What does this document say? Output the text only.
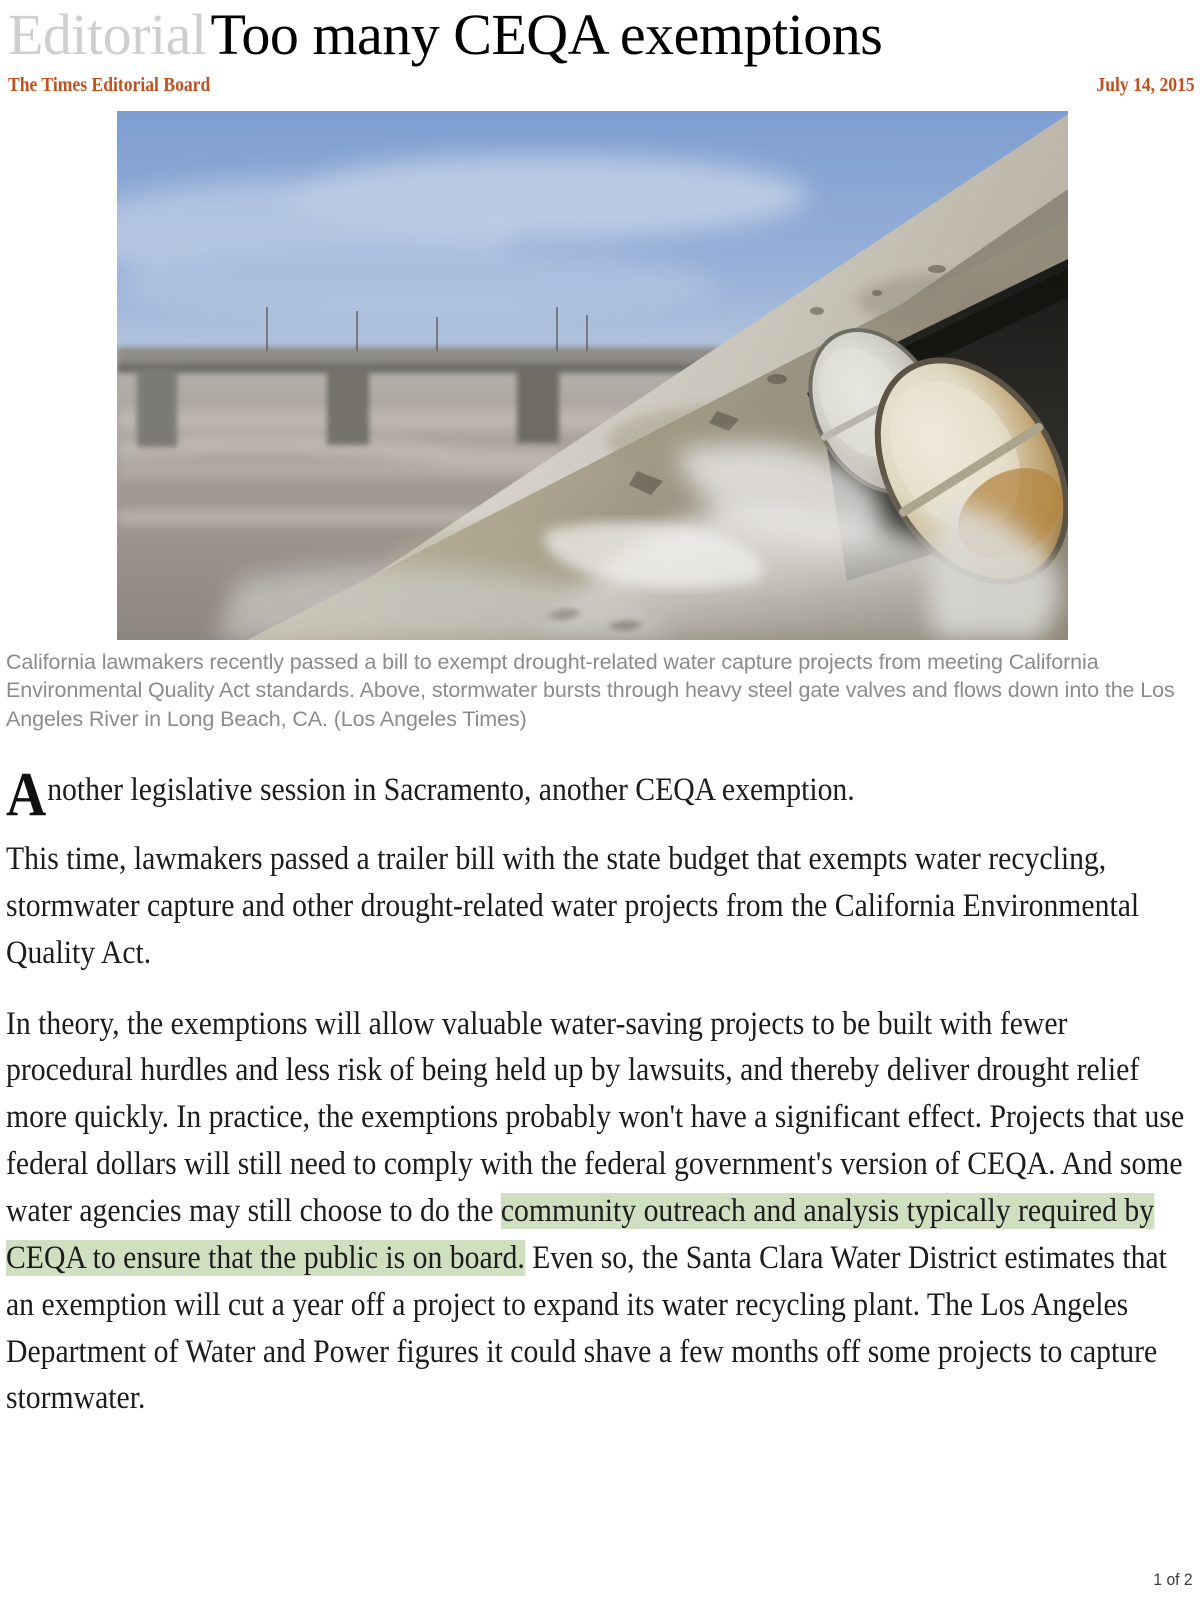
Editorial Too many CEQA exemptions
The Times Editorial Board	July 14, 2015
California lawmakers recently passed a bill to exempt drought-related water capture projects from meeting California Environmental Quality Act standards. Above, stormwater bursts through heavy steel gate valves and flows down into the Los Angeles River in Long Beach, CA. (Los Angeles Times)

Another legislative session in Sacramento, another CEQA exemption.

This time, lawmakers passed a trailer bill with the state budget that exempts water recycling, stormwater capture and other drought-related water projects from the California Environmental Quality Act.

In theory, the exemptions will allow valuable water-saving projects to be built with fewer procedural hurdles and less risk of being held up by lawsuits, and thereby deliver drought relief more quickly. In practice, the exemptions probably won't have a significant effect. Projects that use federal dollars will still need to comply with the federal government's version of CEQA. And some water agencies may still choose to do the community outreach and analysis typically required by CEQA to ensure that the public is on board. Even so, the Santa Clara Water District estimates that an exemption will cut a year off a project to expand its water recycling plant. The Los Angeles Department of Water and Power figures it could shave a few months off some projects to capture stormwater.

1 of 2
